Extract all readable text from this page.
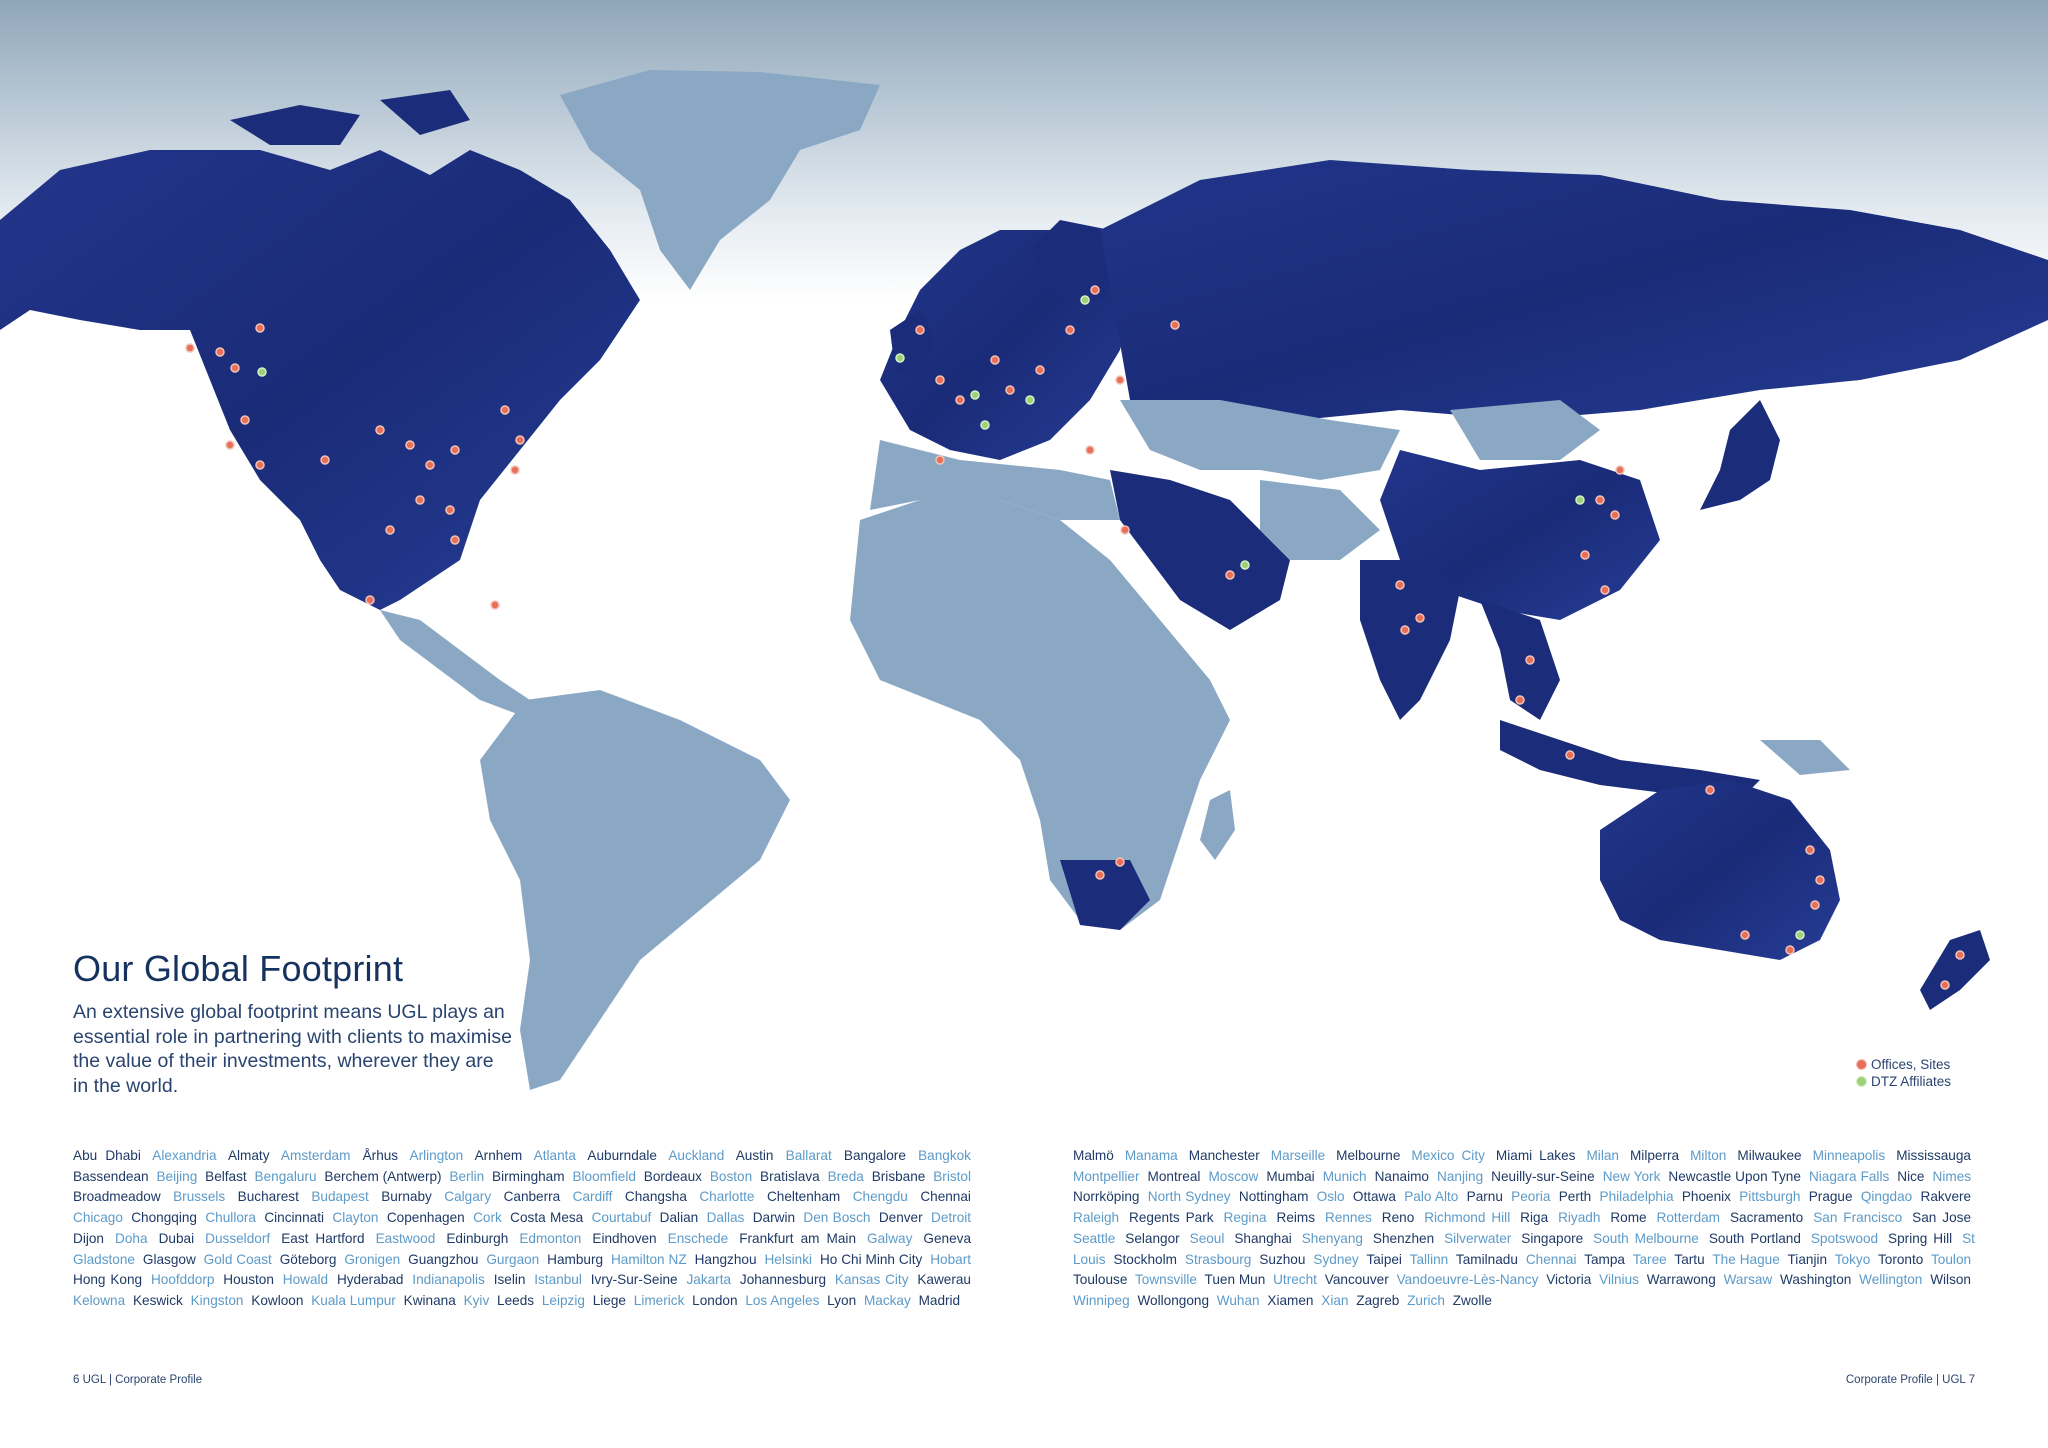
Our Global Footprint

An extensive global footprint means UGL plays an essential role in partnering with clients to maximise the value of their investments, wherever they are in the world.

Offices, Sites
DTZ Affiliates

Abu Dhabi Alexandria Almaty Amsterdam Århus Arlington Arnhem Atlanta Auburndale Auckland Austin Ballarat Bangalore Bangkok Bassendean Beijing Belfast Bengaluru Berchem (Antwerp) Berlin Birmingham Bloomfield Bordeaux Boston Bratislava Breda Brisbane Bristol Broadmeadow Brussels Bucharest Budapest Burnaby Calgary Canberra Cardiff Changsha Charlotte Cheltenham Chengdu Chennai Chicago Chongqing Chullora Cincinnati Clayton Copenhagen Cork Costa Mesa Courtabuf Dalian Dallas Darwin Den Bosch Denver Detroit Dijon Doha Dubai Dusseldorf East Hartford Eastwood Edinburgh Edmonton Eindhoven Enschede Frankfurt am Main Galway Geneva Gladstone Glasgow Gold Coast Göteborg Gronigen Guangzhou Gurgaon Hamburg Hamilton NZ Hangzhou Helsinki Ho Chi Minh City Hobart Hong Kong Hoofddorp Houston Howald Hyderabad Indianapolis Iselin Istanbul Ivry-Sur-Seine Jakarta Johannesburg Kansas City Kawerau Kelowna Keswick Kingston Kowloon Kuala Lumpur Kwinana Kyiv Leeds Leipzig Liege Limerick London Los Angeles Lyon Mackay Madrid

Malmö Manama Manchester Marseille Melbourne Mexico City Miami Lakes Milan Milperra Milton Milwaukee Minneapolis Mississauga Montpellier Montreal Moscow Mumbai Munich Nanaimo Nanjing Neuilly-sur-Seine New York Newcastle Upon Tyne Niagara Falls Nice Nimes Norrköping North Sydney Nottingham Oslo Ottawa Palo Alto Parnu Peoria Perth Philadelphia Phoenix Pittsburgh Prague Qingdao Rakvere Raleigh Regents Park Regina Reims Rennes Reno Richmond Hill Riga Riyadh Rome Rotterdam Sacramento San Francisco San Jose Seattle Selangor Seoul Shanghai Shenyang Shenzhen Silverwater Singapore South Melbourne South Portland Spotswood Spring Hill St Louis Stockholm Strasbourg Suzhou Sydney Taipei Tallinn Tamilnadu Chennai Tampa Taree Tartu The Hague Tianjin Tokyo Toronto Toulon Toulouse Townsville Tuen Mun Utrecht Vancouver Vandoeuvre-Lès-Nancy Victoria Vilnius Warrawong Warsaw Washington Wellington Wilson Winnipeg Wollongong Wuhan Xiamen Xian Zagreb Zurich Zwolle

6 UGL | Corporate Profile	Corporate Profile | UGL 7
